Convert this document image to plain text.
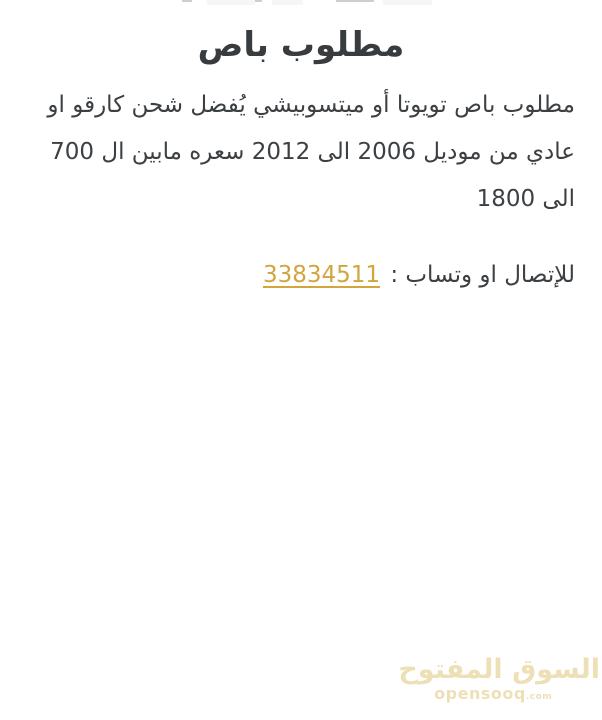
مطلوب باص

مطلوب باص تويوتا أو ميتسوبيشي يُفضل شحن كارقو او عادي من موديل 2006 الى 2012 سعره مابين ال 700 الى 1800

للإتصال او وتساب : 33834511

السوق المفتوح
opensooq.com
